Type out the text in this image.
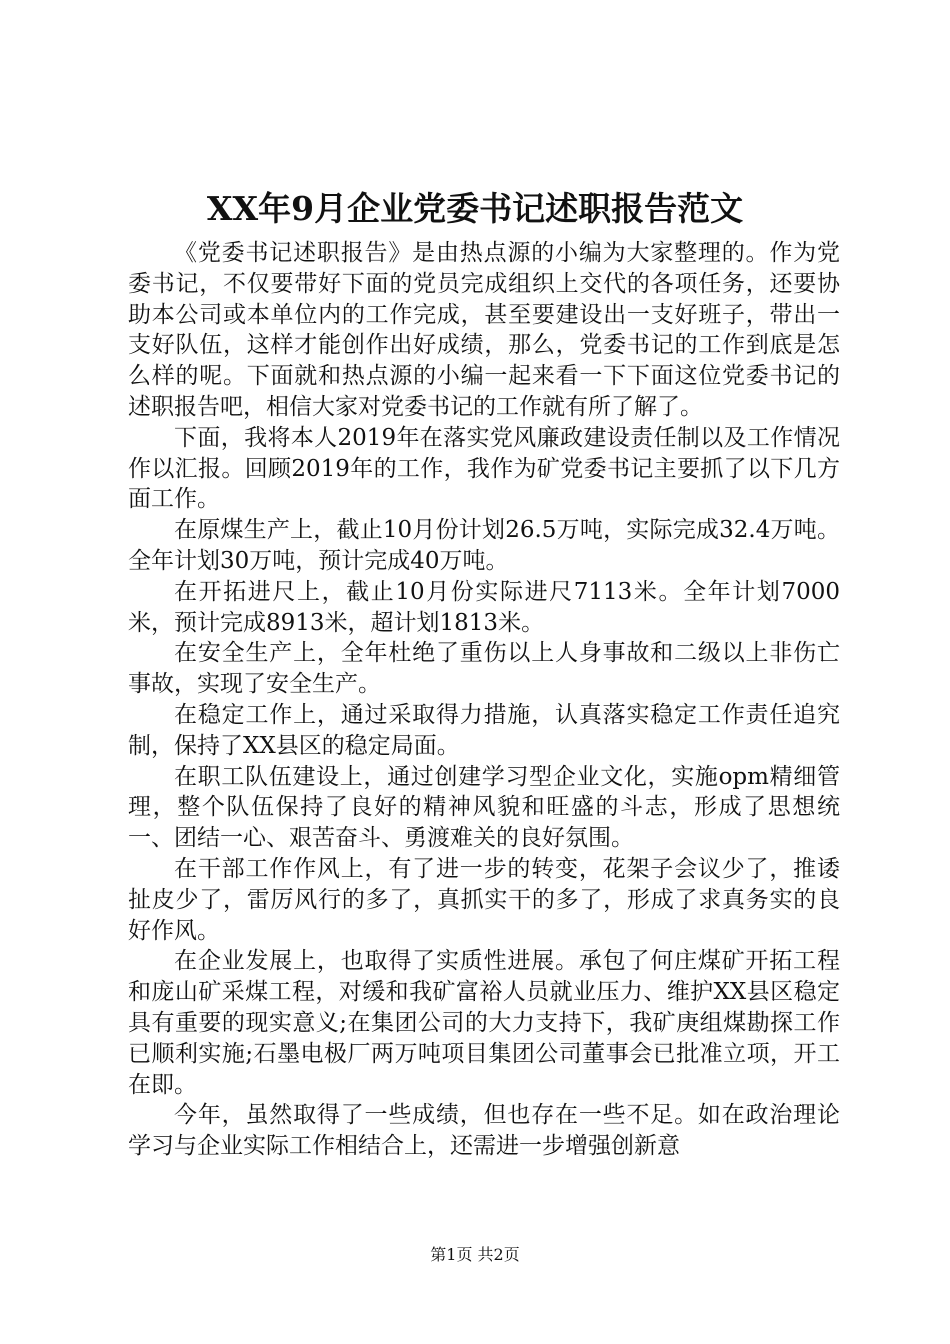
XX年9月企业党委书记述职报告范文

《党委书记述职报告》是由热点源的小编为大家整理的。作为党委书记，不仅要带好下面的党员完成组织上交代的各项任务，还要协助本公司或本单位内的工作完成，甚至要建设出一支好班子，带出一支好队伍，这样才能创作出好成绩，那么，党委书记的工作到底是怎么样的呢。下面就和热点源的小编一起来看一下下面这位党委书记的述职报告吧，相信大家对党委书记的工作就有所了解了。

下面，我将本人2019年在落实党风廉政建设责任制以及工作情况作以汇报。回顾2019年的工作，我作为矿党委书记主要抓了以下几方面工作。

在原煤生产上，截止10月份计划26.5万吨，实际完成32.4万吨。全年计划30万吨，预计完成40万吨。

在开拓进尺上，截止10月份实际进尺7113米。全年计划7000米，预计完成8913米，超计划1813米。

在安全生产上，全年杜绝了重伤以上人身事故和二级以上非伤亡事故，实现了安全生产。

在稳定工作上，通过采取得力措施，认真落实稳定工作责任追究制，保持了XX县区的稳定局面。

在职工队伍建设上，通过创建学习型企业文化，实施opm精细管理，整个队伍保持了良好的精神风貌和旺盛的斗志，形成了思想统一、团结一心、艰苦奋斗、勇渡难关的良好氛围。

在干部工作作风上，有了进一步的转变，花架子会议少了，推诿扯皮少了，雷厉风行的多了，真抓实干的多了，形成了求真务实的良好作风。

在企业发展上，也取得了实质性进展。承包了何庄煤矿开拓工程和庞山矿采煤工程，对缓和我矿富裕人员就业压力、维护XX县区稳定具有重要的现实意义;在集团公司的大力支持下，我矿庚组煤勘探工作已顺利实施;石墨电极厂两万吨项目集团公司董事会已批准立项，开工在即。

今年，虽然取得了一些成绩，但也存在一些不足。如在政治理论学习与企业实际工作相结合上，还需进一步增强创新意

第1页 共2页
